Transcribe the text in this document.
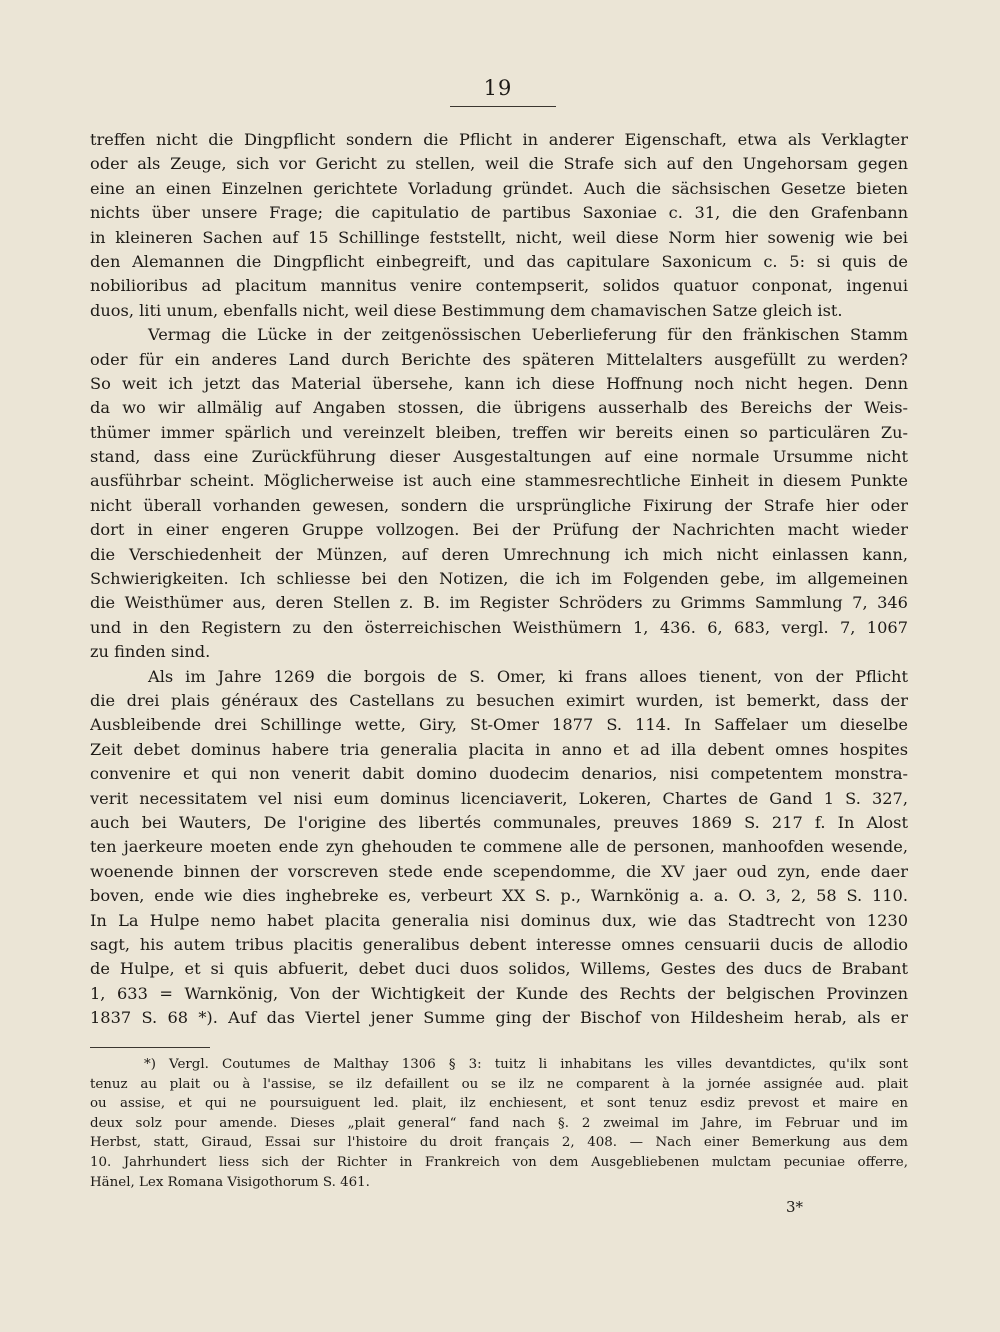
19
treffen nicht die Dingpflicht sondern die Pflicht in anderer Eigenschaft, etwa als Verklagter
oder als Zeuge, sich vor Gericht zu stellen, weil die Strafe sich auf den Ungehorsam gegen
eine an einen Einzelnen gerichtete Vorladung gründet. Auch die sächsischen Gesetze bieten
nichts über unsere Frage; die capitulatio de partibus Saxoniae c. 31, die den Grafenbann
in kleineren Sachen auf 15 Schillinge feststellt, nicht, weil diese Norm hier sowenig wie bei
den Alemannen die Dingpflicht einbegreift, und das capitulare Saxonicum c. 5: si quis de
nobilioribus ad placitum mannitus venire contempserit, solidos quatuor conponat, ingenui
duos, liti unum, ebenfalls nicht, weil diese Bestimmung dem chamavischen Satze gleich ist.
Vermag die Lücke in der zeitgenössischen Ueberlieferung für den fränkischen Stamm
oder für ein anderes Land durch Berichte des späteren Mittelalters ausgefüllt zu werden?
So weit ich jetzt das Material übersehe, kann ich diese Hoffnung noch nicht hegen. Denn
da wo wir allmälig auf Angaben stossen, die übrigens ausserhalb des Bereichs der Weis-
thümer immer spärlich und vereinzelt bleiben, treffen wir bereits einen so particulären Zu-
stand, dass eine Zurückführung dieser Ausgestaltungen auf eine normale Ursumme nicht
ausführbar scheint. Möglicherweise ist auch eine stammesrechtliche Einheit in diesem Punkte
nicht überall vorhanden gewesen, sondern die ursprüngliche Fixirung der Strafe hier oder
dort in einer engeren Gruppe vollzogen. Bei der Prüfung der Nachrichten macht wieder
die Verschiedenheit der Münzen, auf deren Umrechnung ich mich nicht einlassen kann,
Schwierigkeiten. Ich schliesse bei den Notizen, die ich im Folgenden gebe, im allgemeinen
die Weisthümer aus, deren Stellen z. B. im Register Schröders zu Grimms Sammlung 7, 346
und in den Registern zu den österreichischen Weisthümern 1, 436. 6, 683, vergl. 7, 1067
zu finden sind.
Als im Jahre 1269 die borgois de S. Omer, ki frans alloes tienent, von der Pflicht
die drei plais généraux des Castellans zu besuchen eximirt wurden, ist bemerkt, dass der
Ausbleibende drei Schillinge wette, Giry, St-Omer 1877 S. 114. In Saffelaer um dieselbe
Zeit debet dominus habere tria generalia placita in anno et ad illa debent omnes hospites
convenire et qui non venerit dabit domino duodecim denarios, nisi competentem monstra-
verit necessitatem vel nisi eum dominus licenciaverit, Lokeren, Chartes de Gand 1 S. 327,
auch bei Wauters, De l'origine des libertés communales, preuves 1869 S. 217 f. In Alost
ten jaerkeure moeten ende zyn ghehouden te commene alle de personen, manhoofden wesende,
woenende binnen der vorscreven stede ende scependomme, die XV jaer oud zyn, ende daer
boven, ende wie dies inghebreke es, verbeurt XX S. p., Warnkönig a. a. O. 3, 2, 58 S. 110.
In La Hulpe nemo habet placita generalia nisi dominus dux, wie das Stadtrecht von 1230
sagt, his autem tribus placitis generalibus debent interesse omnes censuarii ducis de allodio
de Hulpe, et si quis abfuerit, debet duci duos solidos, Willems, Gestes des ducs de Brabant
1, 633 = Warnkönig, Von der Wichtigkeit der Kunde des Rechts der belgischen Provinzen
1837 S. 68 *). Auf das Viertel jener Summe ging der Bischof von Hildesheim herab, als er
*) Vergl. Coutumes de Malthay 1306 § 3: tuitz li inhabitans les villes devantdictes, qu'ilx sont
tenuz au plait ou à l'assise, se ilz defaillent ou se ilz ne comparent à la jornée assignée aud. plait
ou assise, et qui ne poursuiguent led. plait, ilz enchiesent, et sont tenuz esdiz prevost et maire en
deux solz pour amende. Dieses „plait general“ fand nach §. 2 zweimal im Jahre, im Februar und im
Herbst, statt, Giraud, Essai sur l'histoire du droit français 2, 408. — Nach einer Bemerkung aus dem
10. Jahrhundert liess sich der Richter in Frankreich von dem Ausgebliebenen mulctam pecuniae offerre,
Hänel, Lex Romana Visigothorum S. 461.
3*
